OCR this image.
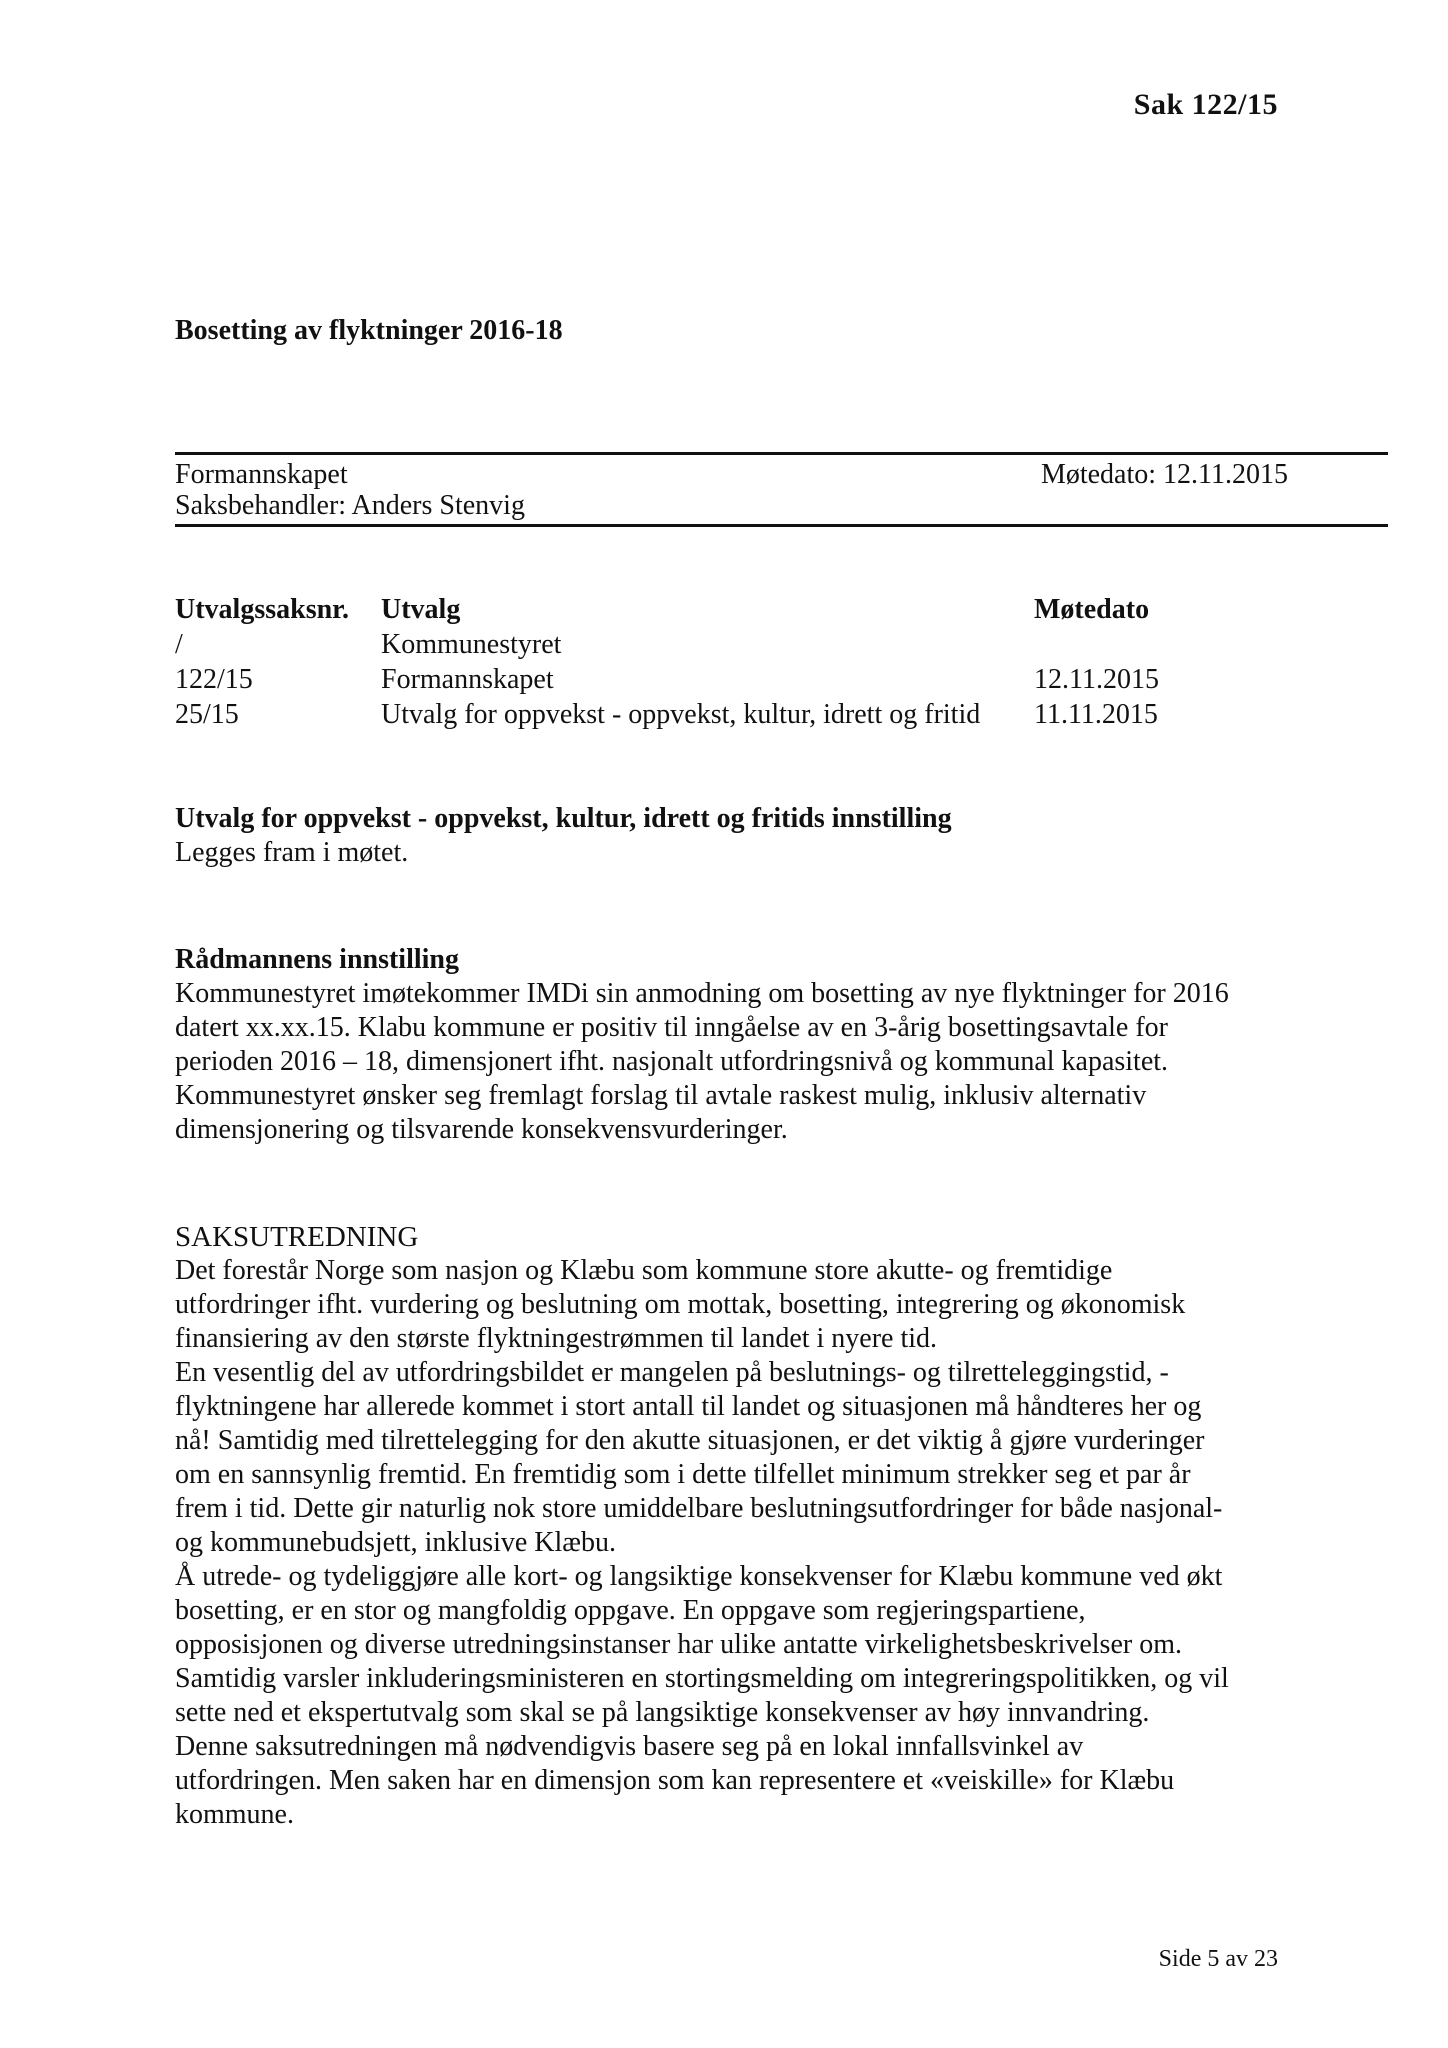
Sak 122/15
Bosetting av flyktninger 2016-18
Formannskapet	Møtedato: 12.11.2015
Saksbehandler: Anders Stenvig
Utvalgssaksnr.	Utvalg	Møtedato
/	Kommunestyret	
122/15	Formannskapet	12.11.2015
25/15	Utvalg for oppvekst - oppvekst, kultur, idrett og fritid	11.11.2015
Utvalg for oppvekst - oppvekst, kultur, idrett og fritids innstilling

Legges fram i møtet.

Rådmannens innstilling

Kommunestyret imøtekommer IMDi sin anmodning om bosetting av nye flyktninger for 2016

datert xx.xx.15. Klabu kommune er positiv til inngåelse av en 3-årig bosettingsavtale for

perioden 2016 – 18, dimensjonert ifht. nasjonalt utfordringsnivå og kommunal kapasitet.

Kommunestyret ønsker seg fremlagt forslag til avtale raskest mulig, inklusiv alternativ

dimensjonering og tilsvarende konsekvensvurderinger.

SAKSUTREDNING

Det forestår Norge som nasjon og Klæbu som kommune store akutte- og fremtidige

utfordringer ifht. vurdering og beslutning om mottak, bosetting, integrering og økonomisk

finansiering av den største flyktningestrømmen til landet i nyere tid.

En vesentlig del av utfordringsbildet er mangelen på beslutnings- og tilretteleggingstid, -

flyktningene har allerede kommet i stort antall til landet og situasjonen må håndteres her og

nå! Samtidig med tilrettelegging for den akutte situasjonen, er det viktig å gjøre vurderinger

om en sannsynlig fremtid. En fremtidig som i dette tilfellet minimum strekker seg et par år

frem i tid. Dette gir naturlig nok store umiddelbare beslutningsutfordringer for både nasjonal-

og kommunebudsjett, inklusive Klæbu.

Å utrede- og tydeliggjøre alle kort- og langsiktige konsekvenser for Klæbu kommune ved økt

bosetting, er en stor og mangfoldig oppgave. En oppgave som regjeringspartiene,

opposisjonen og diverse utredningsinstanser har ulike antatte virkelighetsbeskrivelser om.

Samtidig varsler inkluderingsministeren en stortingsmelding om integreringspolitikken, og vil

sette ned et ekspertutvalg som skal se på langsiktige konsekvenser av høy innvandring.

Denne saksutredningen må nødvendigvis basere seg på en lokal innfallsvinkel av

utfordringen. Men saken har en dimensjon som kan representere et «veiskille» for Klæbu

kommune.

Side 5 av 23
